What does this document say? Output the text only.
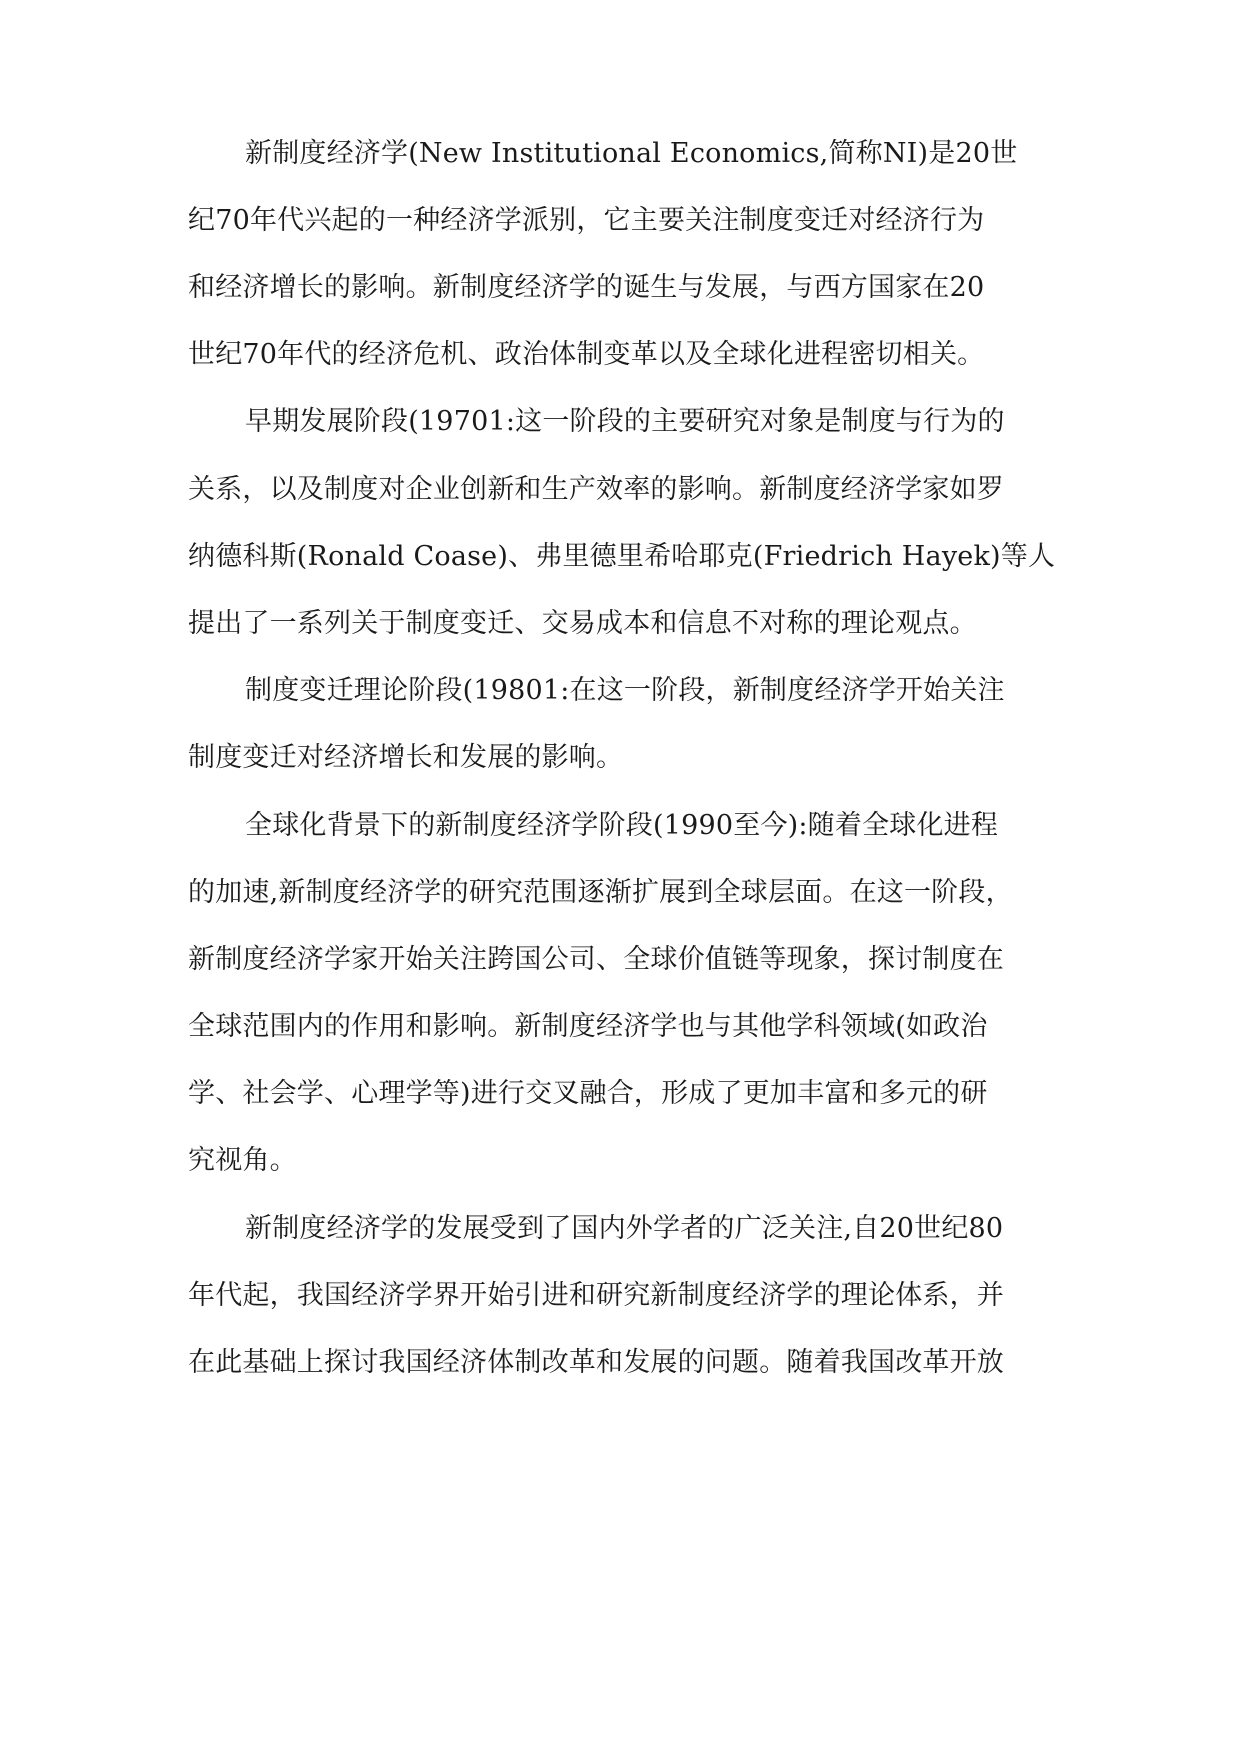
新制度经济学(New Institutional Economics,简称NI)是20世
纪70年代兴起的一种经济学派别，它主要关注制度变迁对经济行为
和经济增长的影响。新制度经济学的诞生与发展，与西方国家在20
世纪70年代的经济危机、政治体制变革以及全球化进程密切相关。
早期发展阶段(19701:这一阶段的主要研究对象是制度与行为的
关系，以及制度对企业创新和生产效率的影响。新制度经济学家如罗
纳德科斯(Ronald Coase)、弗里德里希哈耶克(Friedrich Hayek)等人
提出了一系列关于制度变迁、交易成本和信息不对称的理论观点。
制度变迁理论阶段(19801:在这一阶段，新制度经济学开始关注
制度变迁对经济增长和发展的影响。
全球化背景下的新制度经济学阶段(1990至今):随着全球化进程
的加速,新制度经济学的研究范围逐渐扩展到全球层面。在这一阶段，
新制度经济学家开始关注跨国公司、全球价值链等现象，探讨制度在
全球范围内的作用和影响。新制度经济学也与其他学科领域(如政治
学、社会学、心理学等)进行交叉融合，形成了更加丰富和多元的研
究视角。
新制度经济学的发展受到了国内外学者的广泛关注,自20世纪80
年代起，我国经济学界开始引进和研究新制度经济学的理论体系，并
在此基础上探讨我国经济体制改革和发展的问题。随着我国改革开放
